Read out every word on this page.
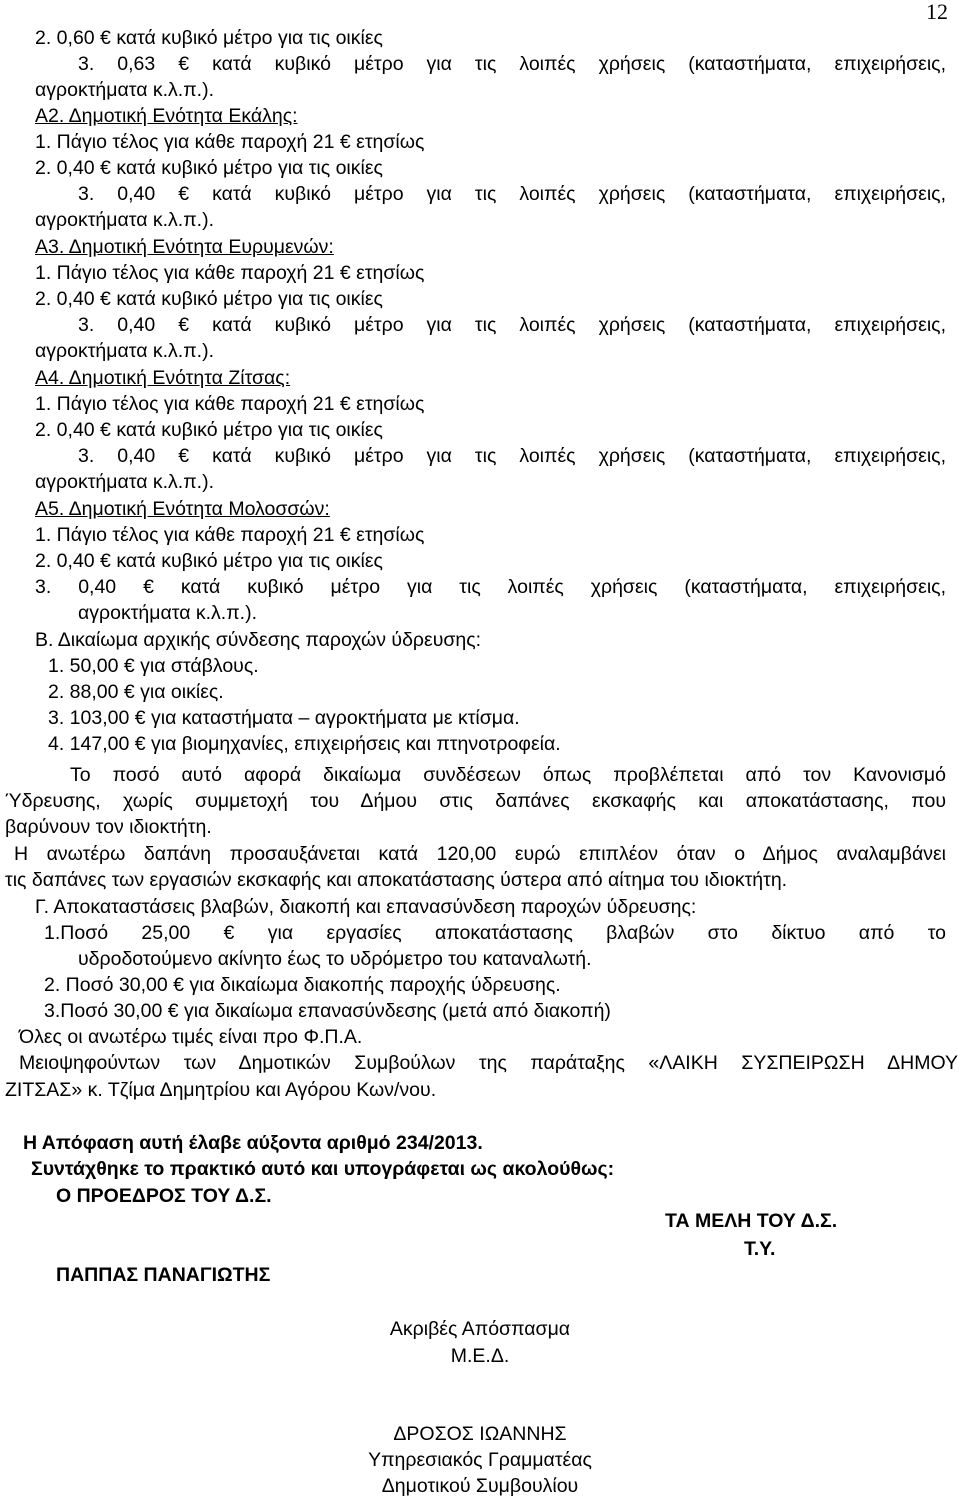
12
2. 0,60 € κατά κυβικό μέτρο για τις οικίες
3. 0,63 € κατά κυβικό μέτρο για τις λοιπές χρήσεις (καταστήματα, επιχειρήσεις,
αγροκτήματα κ.λ.π.).
Α2. Δημοτική Ενότητα Εκάλης:
1. Πάγιο τέλος για κάθε παροχή 21 € ετησίως
2. 0,40 € κατά κυβικό μέτρο για τις οικίες
3. 0,40 € κατά κυβικό μέτρο για τις λοιπές χρήσεις (καταστήματα, επιχειρήσεις,
αγροκτήματα κ.λ.π.).
Α3. Δημοτική Ενότητα Ευρυμενών:
1. Πάγιο τέλος για κάθε παροχή 21 € ετησίως
2. 0,40 € κατά κυβικό μέτρο για τις οικίες
3. 0,40 € κατά κυβικό μέτρο για τις λοιπές χρήσεις (καταστήματα, επιχειρήσεις,
αγροκτήματα κ.λ.π.).
Α4. Δημοτική Ενότητα Ζίτσας:
1. Πάγιο τέλος για κάθε παροχή 21 € ετησίως
2. 0,40 € κατά κυβικό μέτρο για τις οικίες
3. 0,40 € κατά κυβικό μέτρο για τις λοιπές χρήσεις (καταστήματα, επιχειρήσεις,
αγροκτήματα κ.λ.π.).
Α5. Δημοτική Ενότητα Μολοσσών:
1. Πάγιο τέλος για κάθε παροχή 21 € ετησίως
2. 0,40 € κατά κυβικό μέτρο για τις οικίες
3. 0,40 € κατά κυβικό μέτρο για τις λοιπές χρήσεις (καταστήματα, επιχειρήσεις,
αγροκτήματα κ.λ.π.).
Β. Δικαίωμα αρχικής σύνδεσης παροχών ύδρευσης:
1. 50,00 € για στάβλους.
2. 88,00 € για οικίες.
3. 103,00 € για καταστήματα – αγροκτήματα με κτίσμα.
4. 147,00 € για βιομηχανίες, επιχειρήσεις και πτηνοτροφεία.
Το ποσό αυτό αφορά δικαίωμα συνδέσεων όπως προβλέπεται από τον Κανονισμό
Ύδρευσης, χωρίς συμμετοχή του Δήμου στις δαπάνες εκσκαφής και αποκατάστασης, που
βαρύνουν τον ιδιοκτήτη.
Η ανωτέρω δαπάνη προσαυξάνεται κατά 120,00 ευρώ επιπλέον όταν ο Δήμος αναλαμβάνει
τις δαπάνες των εργασιών εκσκαφής και αποκατάστασης ύστερα από αίτημα του ιδιοκτήτη.
Γ. Αποκαταστάσεις βλαβών, διακοπή και επανασύνδεση παροχών ύδρευσης:
1.Ποσό 25,00 € για εργασίες αποκατάστασης βλαβών στο δίκτυο από το
υδροδοτούμενο ακίνητο έως το υδρόμετρο του καταναλωτή.
2. Ποσό 30,00 € για δικαίωμα διακοπής παροχής ύδρευσης.
3.Ποσό 30,00 € για δικαίωμα επανασύνδεσης (μετά από διακοπή)
Όλες οι ανωτέρω τιμές είναι προ Φ.Π.Α.
Μειοψηφούντων των Δημοτικών Συμβούλων της παράταξης «ΛΑΙΚΗ ΣΥΣΠΕΙΡΩΣΗ ΔΗΜΟΥ
ΖΙΤΣΑΣ» κ. Τζίμα Δημητρίου και Αγόρου Κων/νου.
Η Απόφαση αυτή έλαβε αύξοντα αριθμό 234/2013.
Συντάχθηκε το πρακτικό αυτό και υπογράφεται ως ακολούθως:
Ο ΠΡΟΕΔΡΟΣ ΤΟΥ Δ.Σ.
ΤΑ ΜΕΛΗ ΤΟΥ Δ.Σ.
Τ.Υ.
ΠΑΠΠΑΣ ΠΑΝΑΓΙΩΤΗΣ
Ακριβές Απόσπασμα
Μ.Ε.Δ.
ΔΡΟΣΟΣ ΙΩΑΝΝΗΣ
Υπηρεσιακός Γραμματέας
Δημοτικού Συμβουλίου
